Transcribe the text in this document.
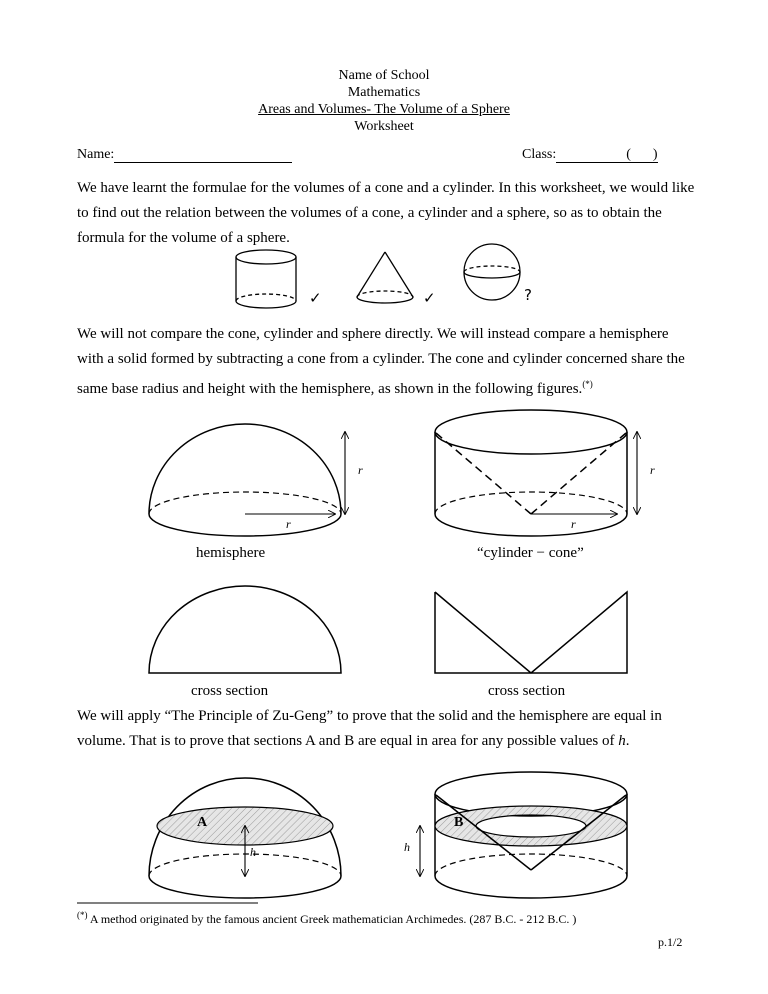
Name of School
Mathematics
Areas and Volumes- The Volume of a Sphere
Worksheet
Name:	Class:	( )
We have learnt the formulae for the volumes of a cone and a cylinder. In this worksheet, we would like to find out the relation between the volumes of a cone, a cylinder and a sphere, so as to obtain the formula for the volume of a sphere.
✓	✓	?
We will not compare the cone, cylinder and sphere directly. We will instead compare a hemisphere with a solid formed by subtracting a cone from a cylinder. The cone and cylinder concerned share the same base radius and height with the hemisphere, as shown in the following figures.(*)
r
r
r
r
hemisphere	“cylinder − cone”
cross section	cross section
We will apply “The Principle of Zu-Geng” to prove that the solid and the hemisphere are equal in volume. That is to prove that sections A and B are equal in area for any possible values of h.
A	B
h	h
(*) A method originated by the famous ancient Greek mathematician Archimedes. (287 B.C. - 212 B.C. )
p.1/2
